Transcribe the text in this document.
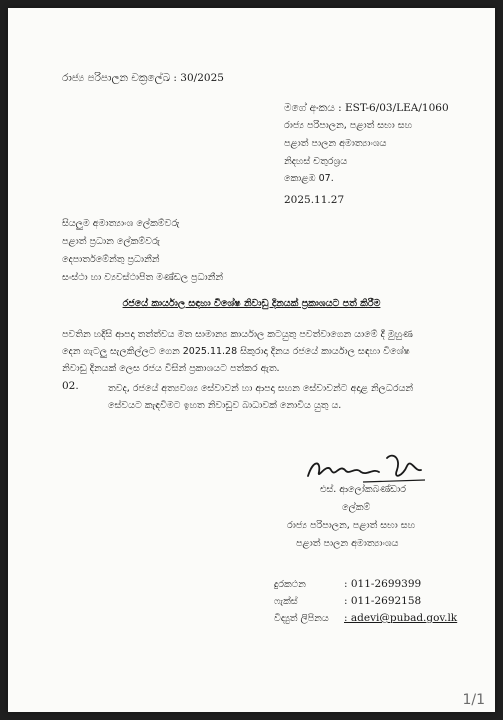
රාජ්‍ය පරිපාලන චක්‍රලේඛ : 30/2025
මගේ අංකය : EST-6/03/LEA/1060
රාජ්‍ය පරිපාලන, පළාත් සභා සහ
පළාත් පාලන අමාත්‍යාංශය
නිදහස් චතුරශ්‍රය
කොළඹ 07.
2025.11.27
සියලුම අමාත්‍යාංශ ලේකම්වරු
පළාත් ප්‍රධාන ලේකම්වරු
දෙපාර්තමේන්තු ප්‍රධානීන්
සංස්ථා හා ව්‍යවස්ථාපිත මණ්ඩල ප්‍රධානීන්
රජයේ කාර්යාල සඳහා විශේෂ නිවාඩු දිනයක් ප්‍රකාශයට පත් කිරීම
පවතින හදිසි ආපදා තත්ත්වය මත සාමාන්‍ය කාර්යාල කටයුතු පවත්වාගෙන යාමේ දී මුහුණ
දෙන ගැටලු සැලකිල්ලට ගෙන 2025.11.28 සිකුරාදා දිනය රජයේ කාර්යාල සඳහා විශේෂ
නිවාඩු දිනයක් ලෙස රජය විසින් ප්‍රකාශයට පත්කර ඇත.
02.	තවද, රජයේ අත්‍යවශ්‍ය සේවාවන් හා ආපදා සහන සේවාවන්ට අදාළ නිලධරයන්
සේවයට කැඳවීමට ඉහත නිවාඩුව බාධාවක් නොවිය යුතු ය.
එස්. ආලෝකබණ්ඩාර
ලේකම්
රාජ්‍ය පරිපාලන, පළාත් සභා සහ
පළාත් පාලන අමාත්‍යාංශය
දුරකථන	: 011-2699399
ෆැක්ස්	: 011-2692158
විද්‍යුත් ලිපිනය : adevi@pubad.gov.lk
1/1
